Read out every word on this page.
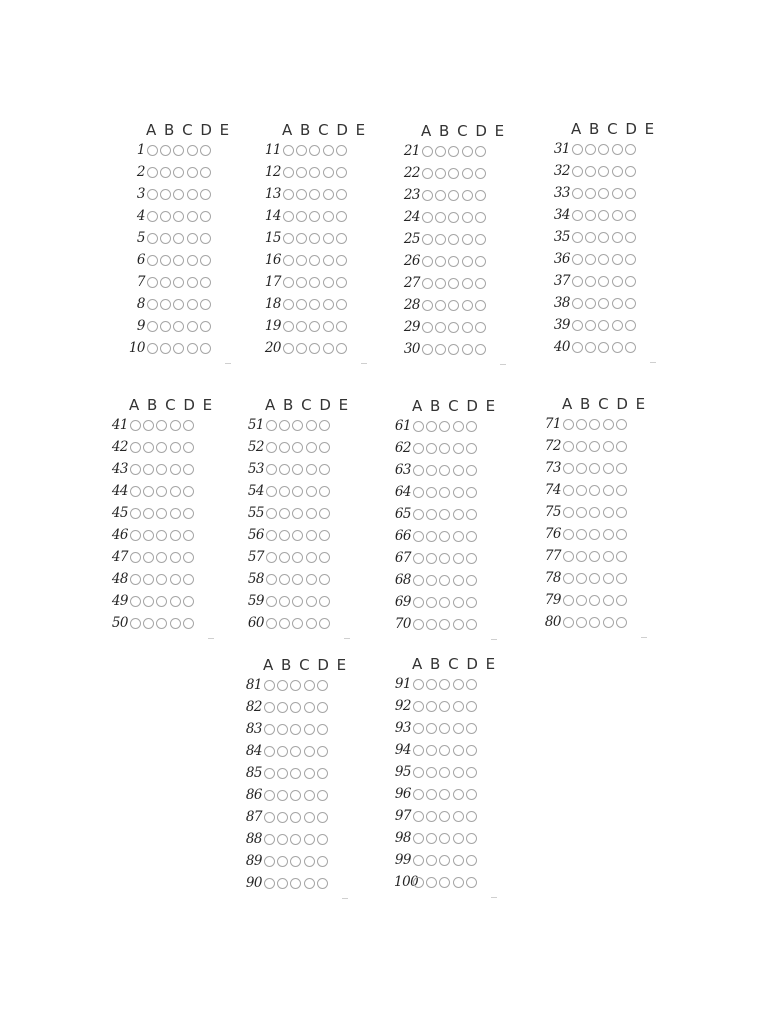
A B C D E
1
2
3
4
5
6
7
8
9
10
A B C D E
11
12
13
14
15
16
17
18
19
20
A B C D E
21
22
23
24
25
26
27
28
29
30
A B C D E
31
32
33
34
35
36
37
38
39
40
A B C D E
41
42
43
44
45
46
47
48
49
50
A B C D E
51
52
53
54
55
56
57
58
59
60
A B C D E
61
62
63
64
65
66
67
68
69
70
A B C D E
71
72
73
74
75
76
77
78
79
80
A B C D E
81
82
83
84
85
86
87
88
89
90
A B C D E
91
92
93
94
95
96
97
98
99
100
